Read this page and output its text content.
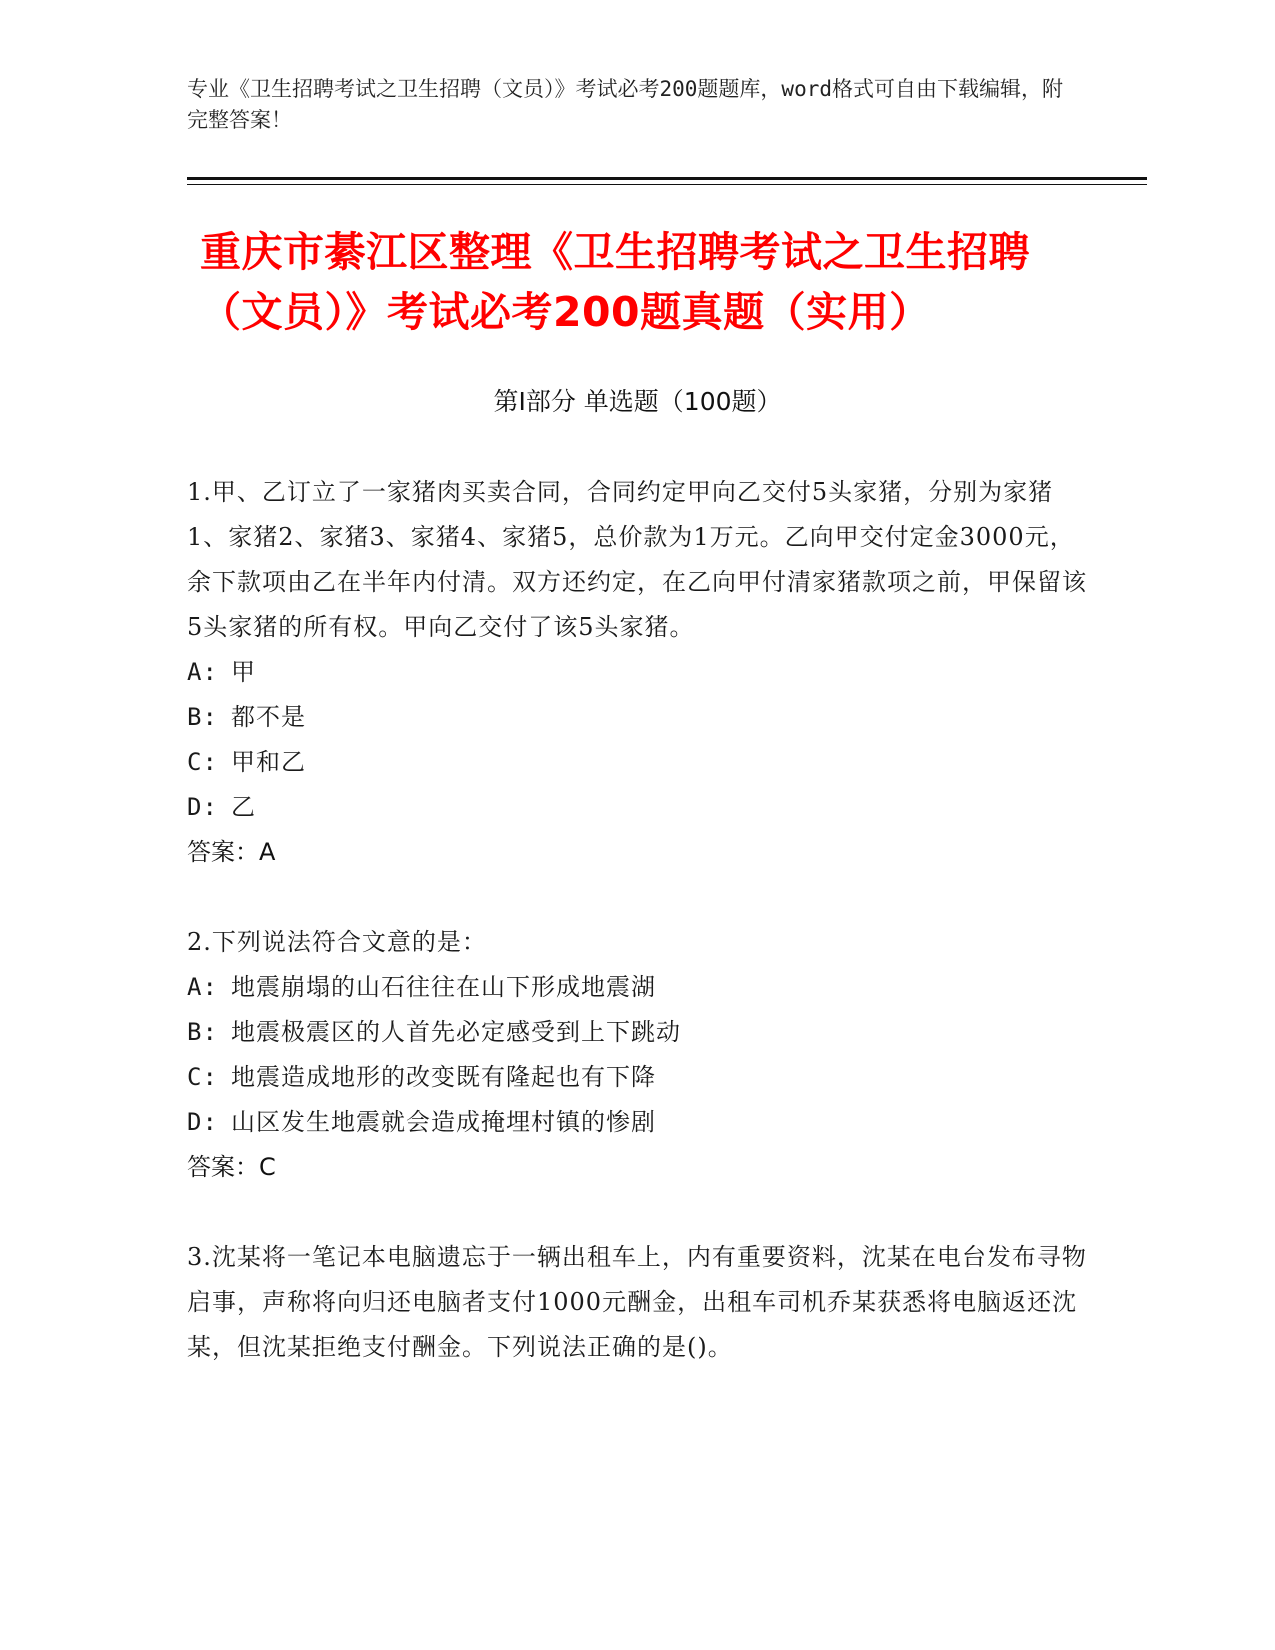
专业《卫生招聘考试之卫生招聘（文员）》考试必考200题题库，word格式可自由下载编辑，附完整答案！
重庆市綦江区整理《卫生招聘考试之卫生招聘（文员）》考试必考200题真题（实用）
第Ⅰ部分 单选题（100题）
1.甲、乙订立了一家猪肉买卖合同，合同约定甲向乙交付5头家猪，分别为家猪1、家猪2、家猪3、家猪4、家猪5，总价款为1万元。乙向甲交付定金3000元，余下款项由乙在半年内付清。双方还约定，在乙向甲付清家猪款项之前，甲保留该5头家猪的所有权。甲向乙交付了该5头家猪。
A: 甲
B: 都不是
C: 甲和乙
D: 乙
答案：A
2.下列说法符合文意的是：
A: 地震崩塌的山石往往在山下形成地震湖
B: 地震极震区的人首先必定感受到上下跳动
C: 地震造成地形的改变既有隆起也有下降
D: 山区发生地震就会造成掩埋村镇的惨剧
答案：C
3.沈某将一笔记本电脑遗忘于一辆出租车上，内有重要资料，沈某在电台发布寻物启事，声称将向归还电脑者支付1000元酬金，出租车司机乔某获悉将电脑返还沈某，但沈某拒绝支付酬金。下列说法正确的是()。
